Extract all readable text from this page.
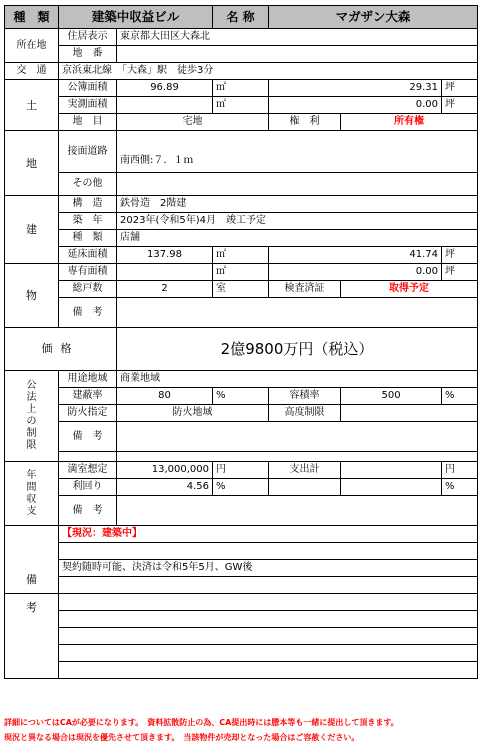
種　類	建築中収益ビル		名 称	マガザン大森		
所在地	住居表示	東京都大田区大森北				
	地　番					
交　通	京浜東北線　「大森」駅　徒歩3分					
土	公簿面積	96.89	㎡	29.31		坪
	実測面積		㎡	0.00		坪
	地　目	宅地		権　利	所有権	
地	接面道路	南西側:７．１ｍ				
	その他					
建	構　造	鉄骨造　2階建				
	築　年	2023年(令和5年)4月　竣工予定				
	種　類	店舗				
	延床面積	137.98	㎡	41.74		坪
物	専有面積		㎡	0.00		坪
	総戸数	2	室	検査済証	取得予定	
	備　考					
価格		2億9800万円（税込）				

公法上の制限	用途地域	商業地域				
	建蔽率	80	%	容積率	500	%
	防火指定	防火地域		高度制限		
	備　考					

年間収支	満室想定	13,000,000	円	支出計		円
	利回り	4.56	%			%
	備　考					
備	【現況：建築中】					

	契約随時可能、決済は令和5年5月、GW後					

考						

詳細についてはCAが必要になります。　資料拡散防止の為、CA提出時には謄本等も一緒に提出して頂きます。
現況と異なる場合は現況を優先させて頂きます。　当該物件が売却となった場合はご容赦ください。
